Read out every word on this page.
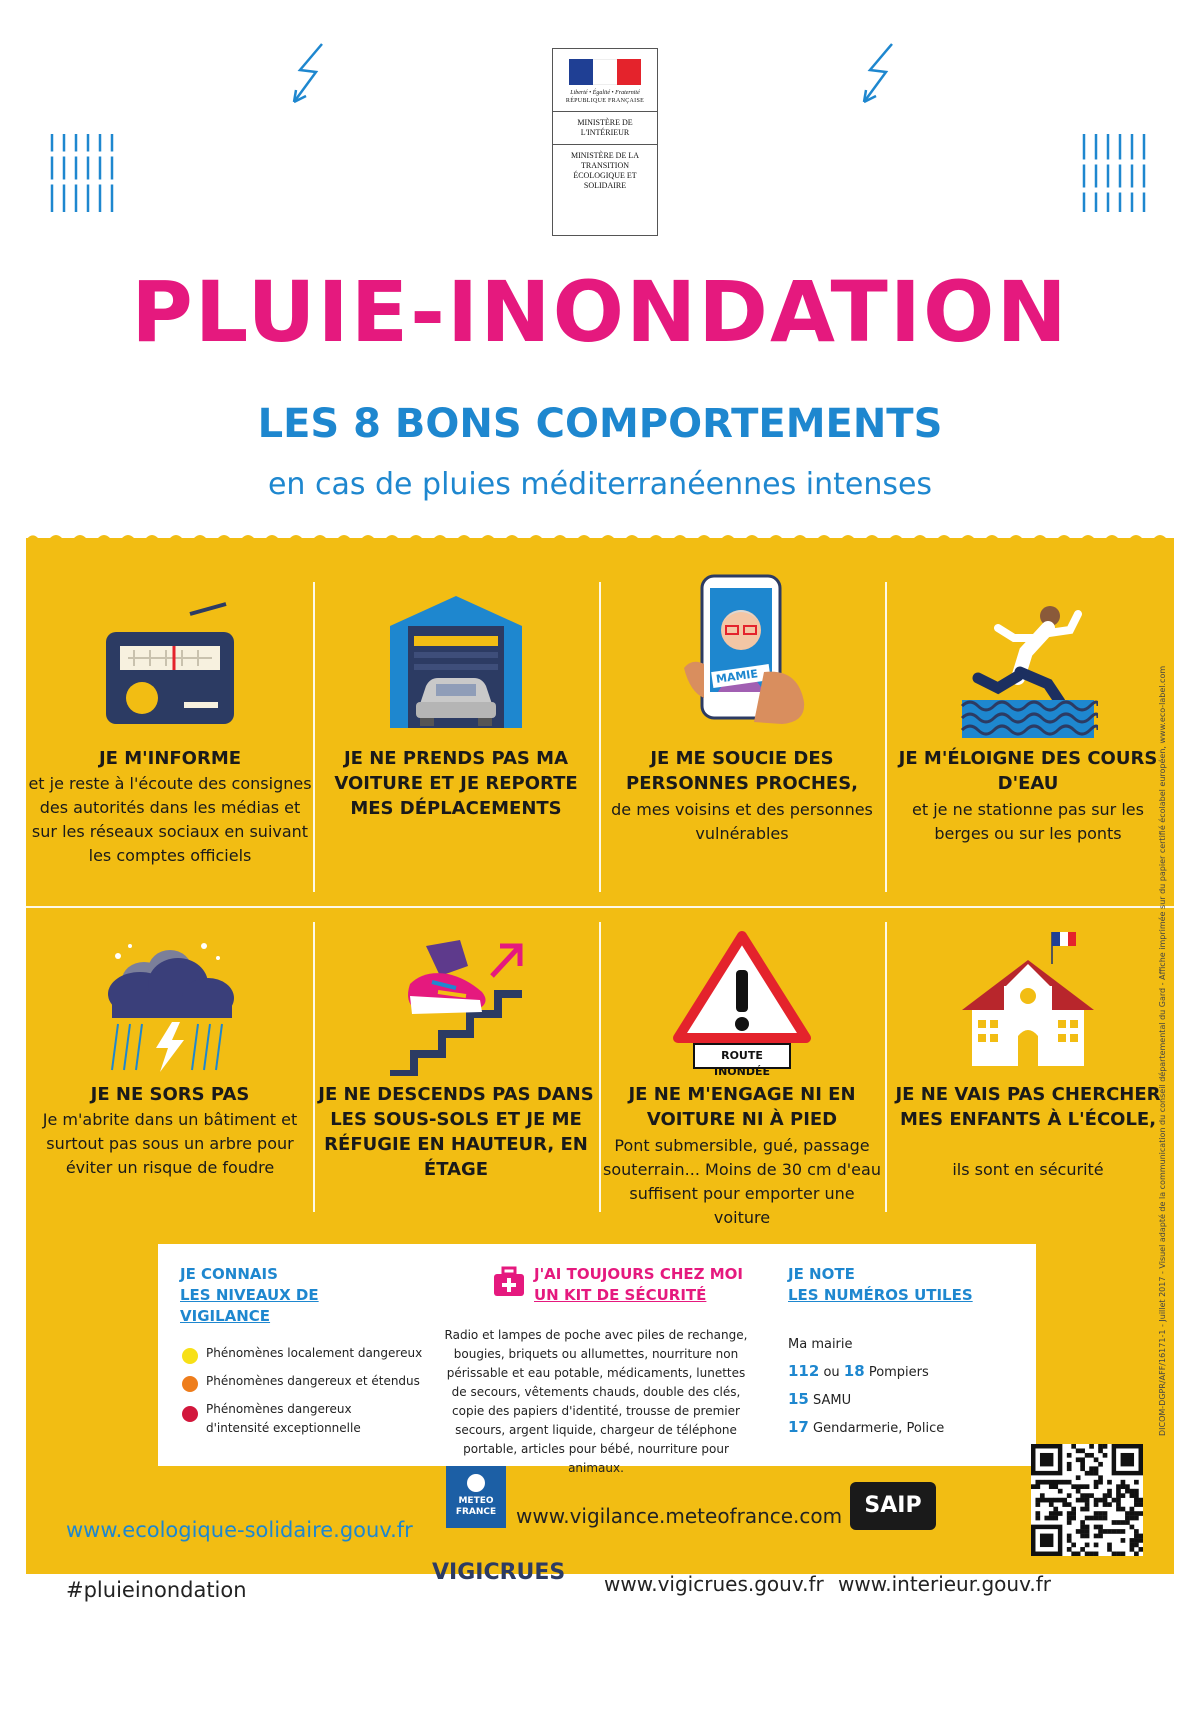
Liberté • Égalité • Fraternité
RÉPUBLIQUE FRANÇAISE
MINISTÈRE DE L'INTÉRIEUR
MINISTÈRE DE LA TRANSITION ÉCOLOGIQUE ET SOLIDAIRE
PLUIE-INONDATION
LES 8 BONS COMPORTEMENTS
en cas de pluies méditerranéennes intenses
JE M'INFORME
et je reste à l'écoute des consignes des autorités dans les médias et sur les réseaux sociaux en suivant les comptes officiels
JE NE PRENDS PAS MA VOITURE ET JE REPORTE MES DÉPLACEMENTS
MAMIE
JE ME SOUCIE DES PERSONNES PROCHES,
de mes voisins et des personnes vulnérables
JE M'ÉLOIGNE DES COURS D'EAU
et je ne stationne pas sur les berges ou sur les ponts
JE NE SORS PAS
Je m'abrite dans un bâtiment et surtout pas sous un arbre pour éviter un risque de foudre
JE NE DESCENDS PAS DANS LES SOUS-SOLS ET JE ME RÉFUGIE EN HAUTEUR, EN ÉTAGE
ROUTE INONDÉE
JE NE M'ENGAGE NI EN VOITURE NI À PIED
Pont submersible, gué, passage souterrain... Moins de 30 cm d'eau suffisent pour emporter une voiture
JE NE VAIS PAS CHERCHER MES ENFANTS À L'ÉCOLE,
ils sont en sécurité
JE CONNAIS
LES NIVEAUX DE VIGILANCE
Phénomènes localement dangereux
Phénomènes dangereux et étendus
Phénomènes dangereux d'intensité exceptionnelle
J'AI TOUJOURS CHEZ MOI
UN KIT DE SÉCURITÉ
Radio et lampes de poche avec piles de rechange, bougies, briquets ou allumettes, nourriture non périssable et eau potable, médicaments, lunettes de secours, vêtements chauds, double des clés, copie des papiers d'identité, trousse de premier secours, argent liquide, chargeur de téléphone portable, articles pour bébé, nourriture pour animaux.
JE NOTE
LES NUMÉROS UTILES
Ma mairie
112 ou 18 Pompiers
15 SAMU
17 Gendarmerie, Police
www.ecologique-solidaire.gouv.fr
#pluieinondation
METEO FRANCE www.vigilance.meteofrance.com
VIGICRUES www.vigicrues.gouv.fr
SAIP
www.interieur.gouv.fr
